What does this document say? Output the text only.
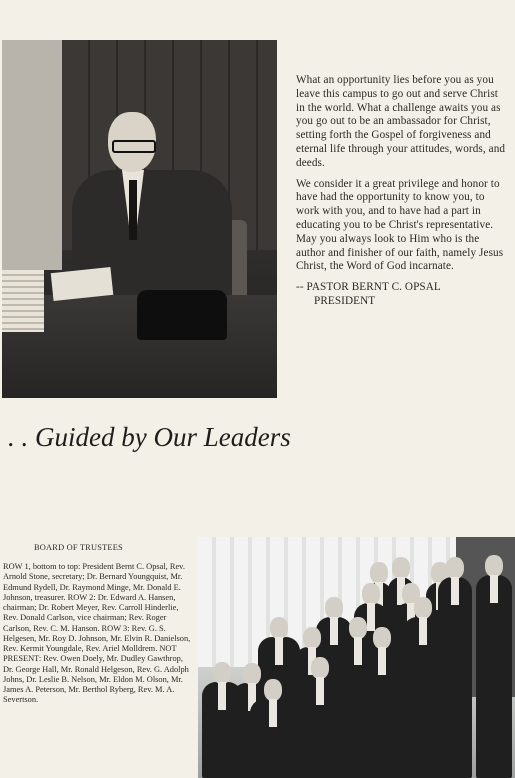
What an opportunity lies before you as you leave this campus to go out and serve Christ in the world. What a challenge awaits you as you go out to be an ambassador for Christ, setting forth the Gospel of forgiveness and eternal life through your attitudes, words, and deeds.

We consider it a great privilege and honor to have had the opportunity to know you, to work with you, and to have had a part in educating you to be Christ's representative. May you always look to Him who is the author and finisher of our faith, namely Jesus Christ, the Word of God incarnate.

-- PASTOR BERNT C. OPSAL
PRESIDENT
. . Guided by Our Leaders
BOARD OF TRUSTEES
ROW 1, bottom to top: President Bernt C. Opsal, Rev. Arnold Stone, secretary; Dr. Bernard Youngquist, Mr. Edmund Rydell, Dr. Raymond Minge, Mr. Donald E. Johnson, treasurer. ROW 2: Dr. Edward A. Hansen, chairman; Dr. Robert Meyer, Rev. Carroll Hinderlie, Rev. Donald Carlson, vice chairman; Rev. Roger Carlson, Rev. C. M. Hanson. ROW 3: Rev. G. S. Helgesen, Mr. Roy D. Johnson, Mr. Elvin R. Danielson, Rev. Kermit Youngdale, Rev. Ariel Molldrem. NOT PRESENT: Rev. Owen Doely, Mr. Dudley Gawthrop, Dr. George Hall, Mr. Ronald Helgeson, Rev. G. Adolph Johns, Dr. Leslie B. Nelson, Mr. Eldon M. Olson, Mr. James A. Peterson, Mr. Berthol Ryberg, Rev. M. A. Severtson.
